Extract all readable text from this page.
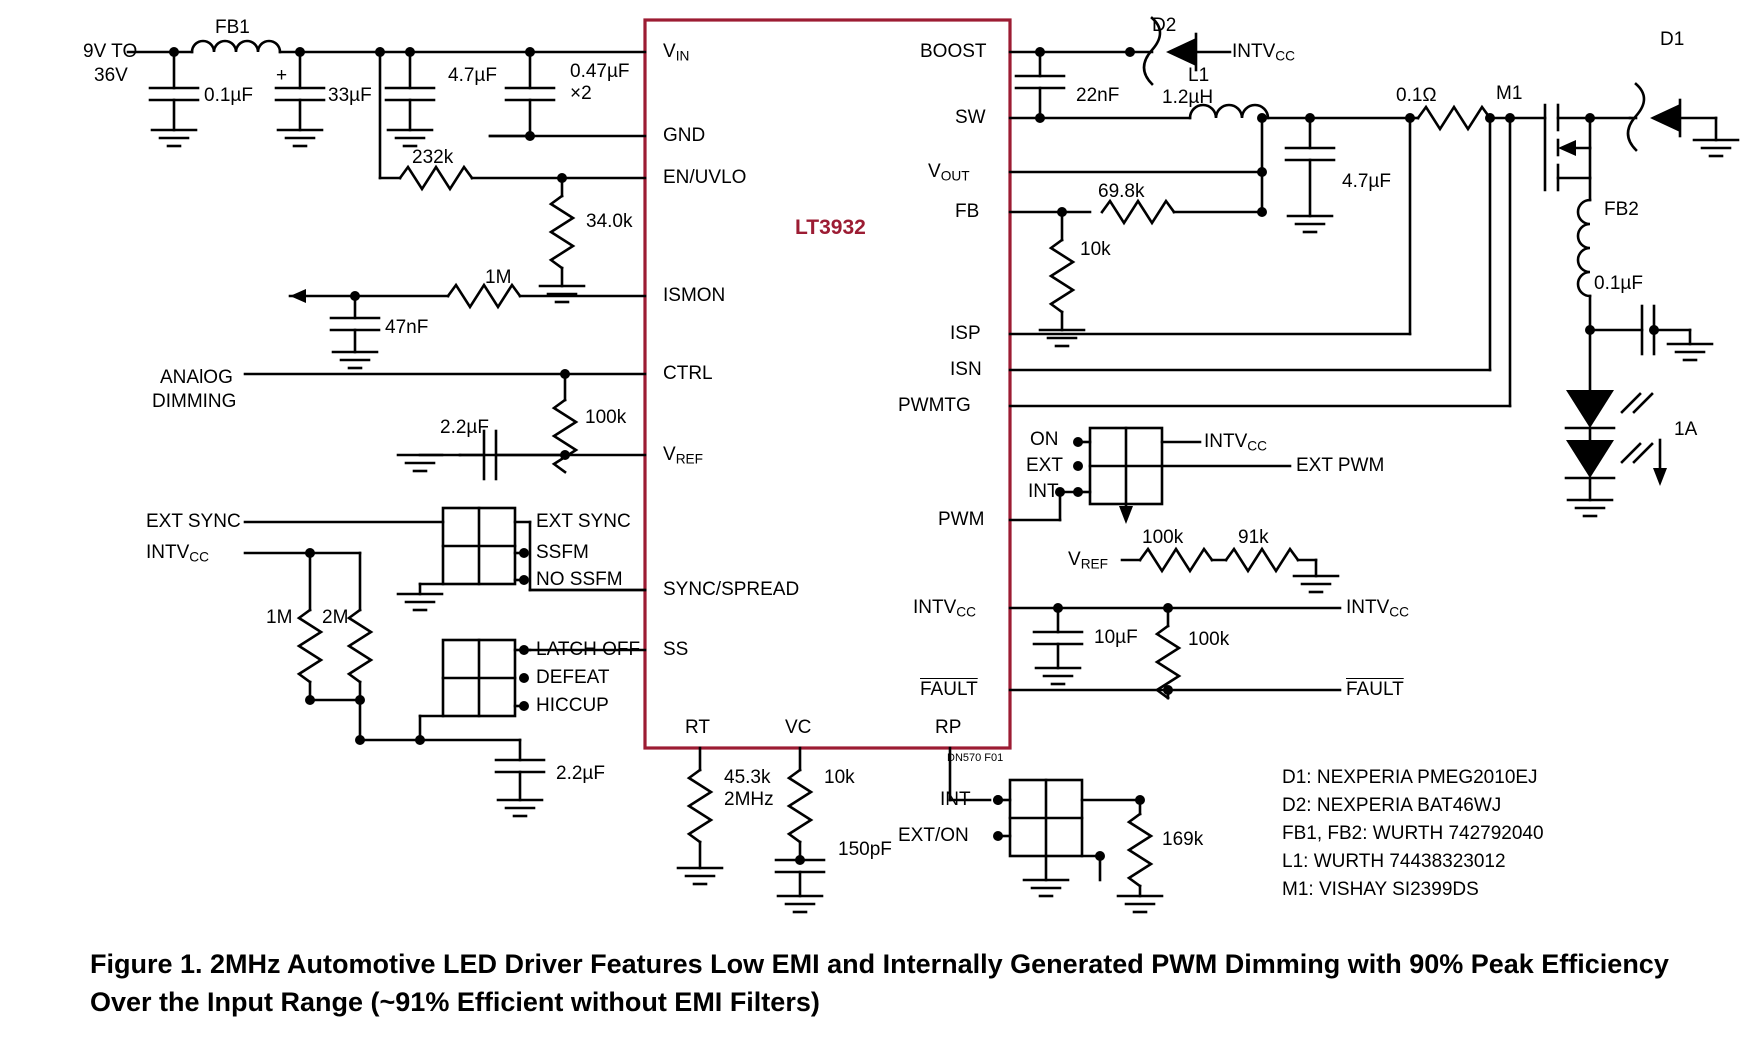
LT3932
$V_{IN}$
GND
EN/UVLO
ISMON
CTRL
$V_{REF}$
SYNC/SPREAD
SS
BOOST
SW
$V_{OUT}$
FB
ISP
ISN
PWMTG
PWM
$INTV_{CC}$
FAULT
RT	VC	RP
DN570 F01
9V TO
36V
FB1
0.1µF
+
33µF
4.7µF	0.47µF
×2
232k
34.0k
1M
47nF
ANAlOG
DIMMING
2.2µF	100k
EXT SYNC
$INTV_{CC}$
EXT SYNC
SSFM
NO SSFM
1M 2M
LATCH OFF
DEFEAT
HICCUP
2.2µF	45.3k
2MHz
10k
150pF
INT
EXT/ON	169k
D2
$INTV_{CC}$
22nF
L1
1.2µH
69.8k
10k
4.7µF
0.1Ω	M1
D1
FB2
0.1µF
1A
ON
EXT
INT
$INTV_{CC}$
EXT PWM
$V_{REF}$
100k	91k
10µF	100k
$INTV_{CC}$
FAULT
D1: NEXPERIA PMEG2010EJ
D2: NEXPERIA BAT46WJ
FB1, FB2: WURTH 742792040
L1: WURTH 74438323012
M1: VISHAY SI2399DS
Figure 1. 2MHz Automotive LED Driver Features Low EMI and Internally Generated PWM Dimming with 90% Peak Efficiency Over the Input Range (~91% Efficient without EMI Filters)
